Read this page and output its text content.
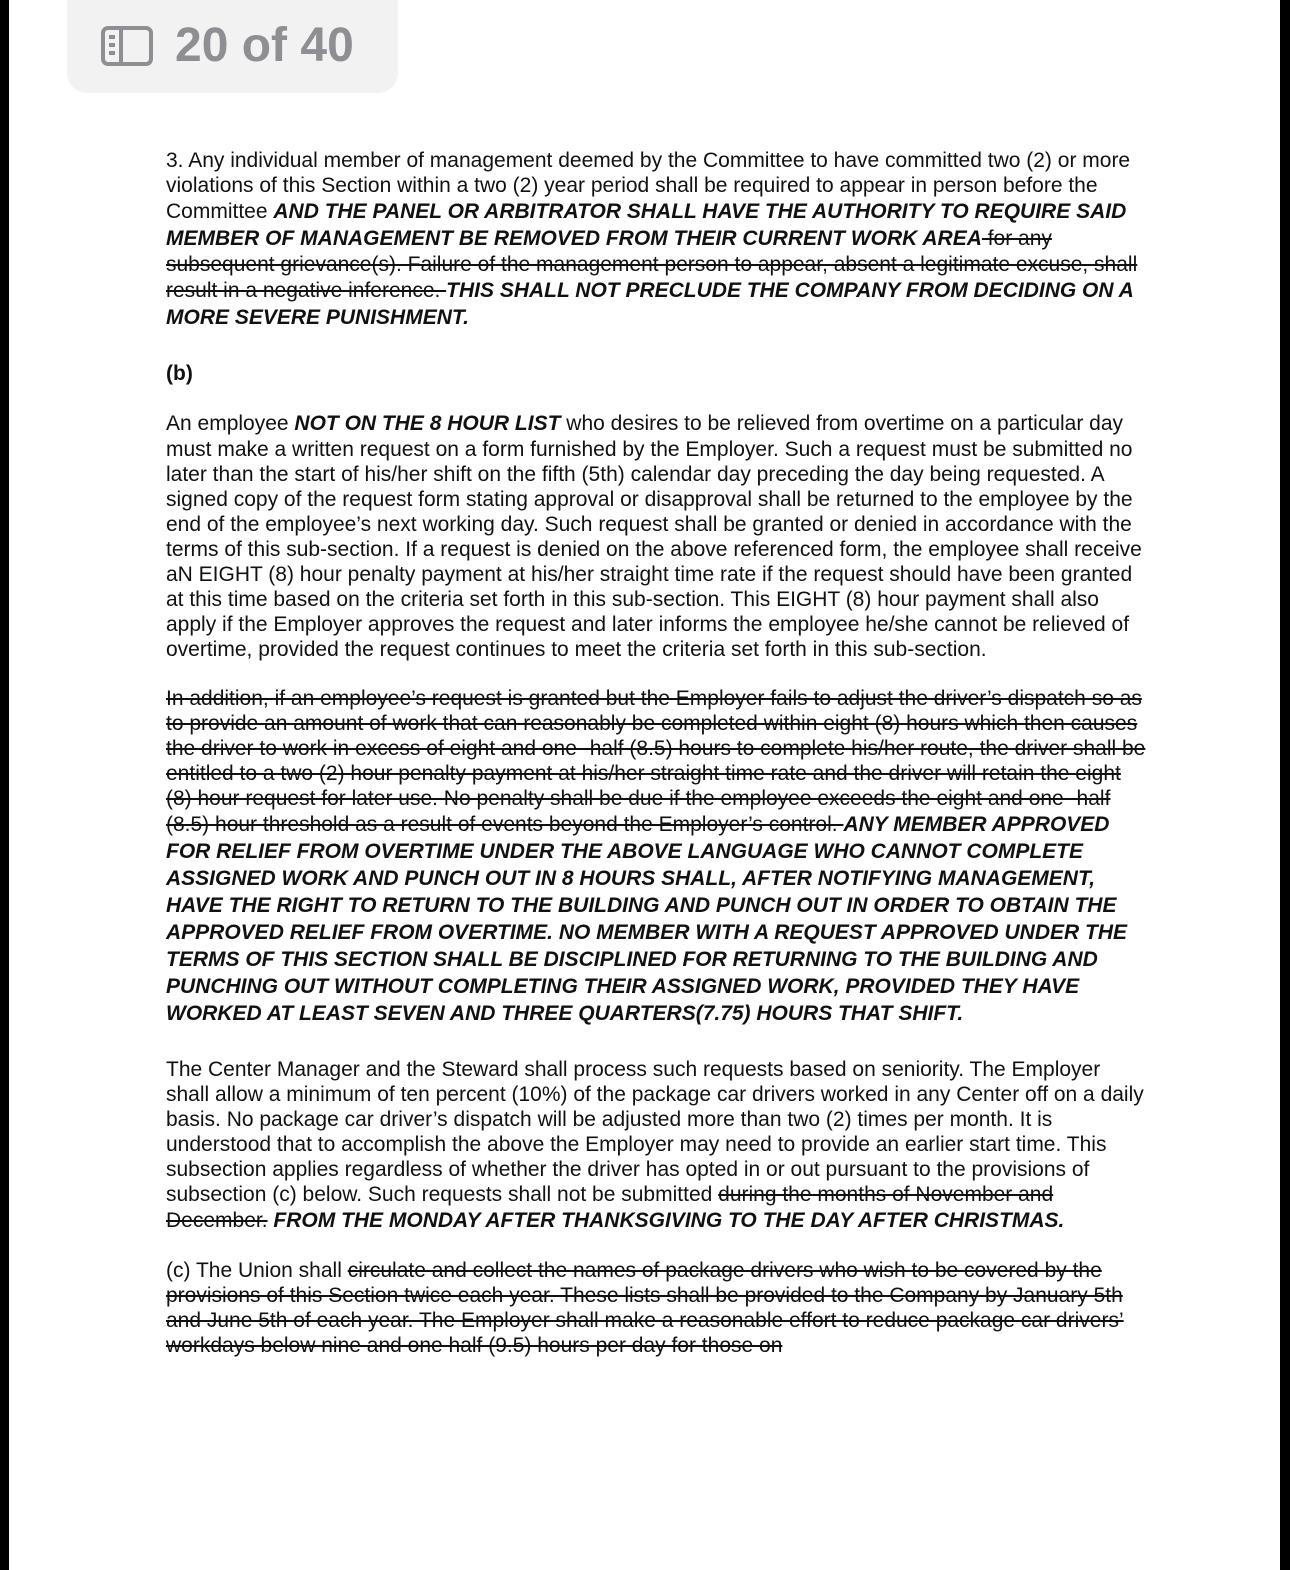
20 of 40

3. Any individual member of management deemed by the Committee to have committed two (2) or more violations of this Section within a two (2) year period shall be required to appear in person before the Committee AND THE PANEL OR ARBITRATOR SHALL HAVE THE AUTHORITY TO REQUIRE SAID MEMBER OF MANAGEMENT BE REMOVED FROM THEIR CURRENT WORK AREA for any subsequent grievance(s). Failure of the management person to appear, absent a legitimate excuse, shall result in a negative inference. THIS SHALL NOT PRECLUDE THE COMPANY FROM DECIDING ON A MORE SEVERE PUNISHMENT.

(b)

An employee NOT ON THE 8 HOUR LIST who desires to be relieved from overtime on a particular day must make a written request on a form furnished by the Employer. Such a request must be submitted no later than the start of his/her shift on the fifth (5th) calendar day preceding the day being requested. A signed copy of the request form stating approval or disapproval shall be returned to the employee by the end of the employee’s next working day. Such request shall be granted or denied in accordance with the terms of this sub-section. If a request is denied on the above referenced form, the employee shall receive aN EIGHT (8) hour penalty payment at his/her straight time rate if the request should have been granted at this time based on the criteria set forth in this sub-section. This EIGHT (8) hour payment shall also apply if the Employer approves the request and later informs the employee he/she cannot be relieved of overtime, provided the request continues to meet the criteria set forth in this sub-section.

In addition, if an employee’s request is granted but the Employer fails to adjust the driver’s dispatch so as to provide an amount of work that can reasonably be completed within eight (8) hours which then causes the driver to work in excess of eight and one- half (8.5) hours to complete his/her route, the driver shall be entitled to a two (2) hour penalty payment at his/her straight time rate and the driver will retain the eight (8) hour request for later use. No penalty shall be due if the employee exceeds the eight and one- half (8.5) hour threshold as a result of events beyond the Employer’s control. ANY MEMBER APPROVED FOR RELIEF FROM OVERTIME UNDER THE ABOVE LANGUAGE WHO CANNOT COMPLETE ASSIGNED WORK AND PUNCH OUT IN 8 HOURS SHALL, AFTER NOTIFYING MANAGEMENT, HAVE THE RIGHT TO RETURN TO THE BUILDING AND PUNCH OUT IN ORDER TO OBTAIN THE APPROVED RELIEF FROM OVERTIME. NO MEMBER WITH A REQUEST APPROVED UNDER THE TERMS OF THIS SECTION SHALL BE DISCIPLINED FOR RETURNING TO THE BUILDING AND PUNCHING OUT WITHOUT COMPLETING THEIR ASSIGNED WORK, PROVIDED THEY HAVE WORKED AT LEAST SEVEN AND THREE QUARTERS(7.75) HOURS THAT SHIFT.

The Center Manager and the Steward shall process such requests based on seniority. The Employer shall allow a minimum of ten percent (10%) of the package car drivers worked in any Center off on a daily basis. No package car driver’s dispatch will be adjusted more than two (2) times per month. It is understood that to accomplish the above the Employer may need to provide an earlier start time. This subsection applies regardless of whether the driver has opted in or out pursuant to the provisions of subsection (c) below. Such requests shall not be submitted during the months of November and December. FROM THE MONDAY AFTER THANKSGIVING TO THE DAY AFTER CHRISTMAS.

(c) The Union shall circulate and collect the names of package drivers who wish to be covered by the provisions of this Section twice each year. These lists shall be provided to the Company by January 5th and June 5th of each year. The Employer shall make a reasonable effort to reduce package car drivers’ workdays below nine and one half (9.5) hours per day for those on
